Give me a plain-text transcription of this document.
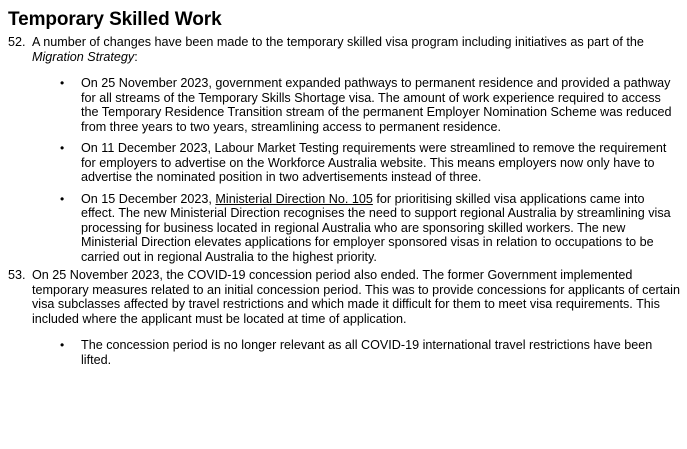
Temporary Skilled Work
52. A number of changes have been made to the temporary skilled visa program including initiatives as part of the Migration Strategy:
• On 25 November 2023, government expanded pathways to permanent residence and provided a pathway for all streams of the Temporary Skills Shortage visa. The amount of work experience required to access the Temporary Residence Transition stream of the permanent Employer Nomination Scheme was reduced from three years to two years, streamlining access to permanent residence.
• On 11 December 2023, Labour Market Testing requirements were streamlined to remove the requirement for employers to advertise on the Workforce Australia website. This means employers now only have to advertise the nominated position in two advertisements instead of three.
• On 15 December 2023, Ministerial Direction No. 105 for prioritising skilled visa applications came into effect. The new Ministerial Direction recognises the need to support regional Australia by streamlining visa processing for business located in regional Australia who are sponsoring skilled workers. The new Ministerial Direction elevates applications for employer sponsored visas in relation to occupations to be carried out in regional Australia to the highest priority.
53. On 25 November 2023, the COVID-19 concession period also ended. The former Government implemented temporary measures related to an initial concession period. This was to provide concessions for applicants of certain visa subclasses affected by travel restrictions and which made it difficult for them to meet visa requirements. This included where the applicant must be located at time of application.
• The concession period is no longer relevant as all COVID-19 international travel restrictions have been lifted.
